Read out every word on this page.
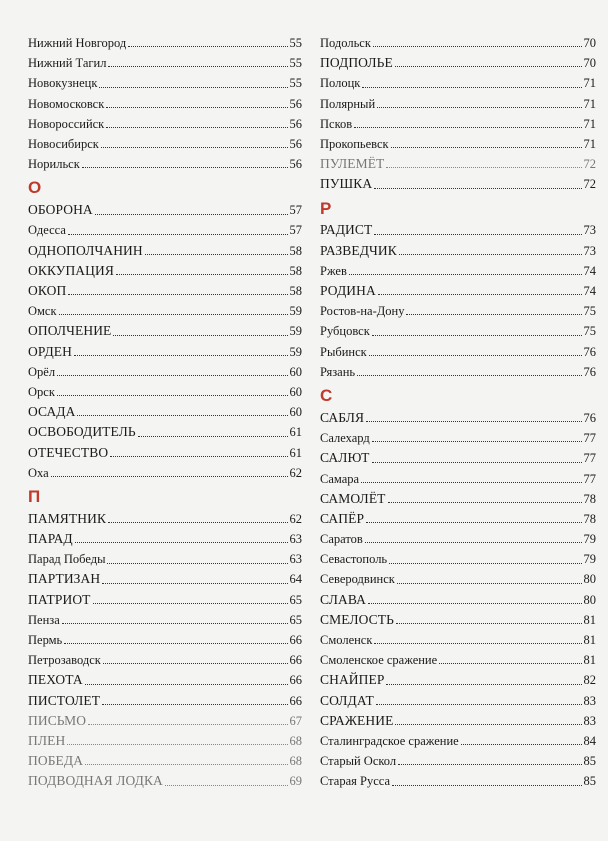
Нижний Новгород	55
Нижний Тагил	55
Новокузнецк	55
Новомосковск	56
Новороссийск	56
Новосибирск	56
Норильск	56
О
ОБОРОНА	57
Одесса	57
ОДНОПОЛЧАНИН	58
ОККУПАЦИЯ	58
ОКОП	58
Омск	59
ОПОЛЧЕНИЕ	59
ОРДЕН	59
Орёл	60
Орск	60
ОСАДА	60
ОСВОБОДИТЕЛЬ	61
ОТЕЧЕСТВО	61
Оха	62
П
ПАМЯТНИК	62
ПАРАД	63
Парад Победы	63
ПАРТИЗАН	64
ПАТРИОТ	65
Пенза	65
Пермь	66
Петрозаводск	66
ПЕХОТА	66
ПИСТОЛЕТ	66
ПИСЬМО	67
ПЛЕН	68
ПОБЕДА	68
ПОДВОДНАЯ ЛОДКА	69
Подольск	70
ПОДПОЛЬЕ	70
Полоцк	71
Полярный	71
Псков	71
Прокопьевск	71
ПУЛЕМЁТ	72
ПУШКА	72
Р
РАДИСТ	73
РАЗВЕДЧИК	73
Ржев	74
РОДИНА	74
Ростов-на-Дону	75
Рубцовск	75
Рыбинск	76
Рязань	76
С
САБЛЯ	76
Салехард	77
САЛЮТ	77
Самара	77
САМОЛЁТ	78
САПЁР	78
Саратов	79
Севастополь	79
Северодвинск	80
СЛАВА	80
СМЕЛОСТЬ	81
Смоленск	81
Смоленское сражение	81
СНАЙПЕР	82
СОЛДАТ	83
СРАЖЕНИЕ	83
Сталинградское сражение	84
Старый Оскол	85
Старая Русса	85
